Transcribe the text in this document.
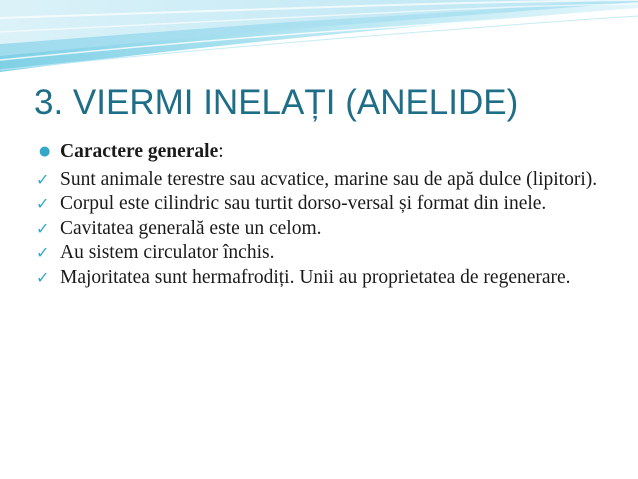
3. VIERMI INELAȚI (ANELIDE)
● Caractere generale:
✓ Sunt animale terestre sau acvatice, marine sau de apă dulce (lipitori).
✓ Corpul este cilindric sau turtit dorso-versal și format din inele.
✓ Cavitatea generală este un celom.
✓ Au sistem circulator închis.
✓ Majoritatea sunt hermafrodiți. Unii au proprietatea de regenerare.
